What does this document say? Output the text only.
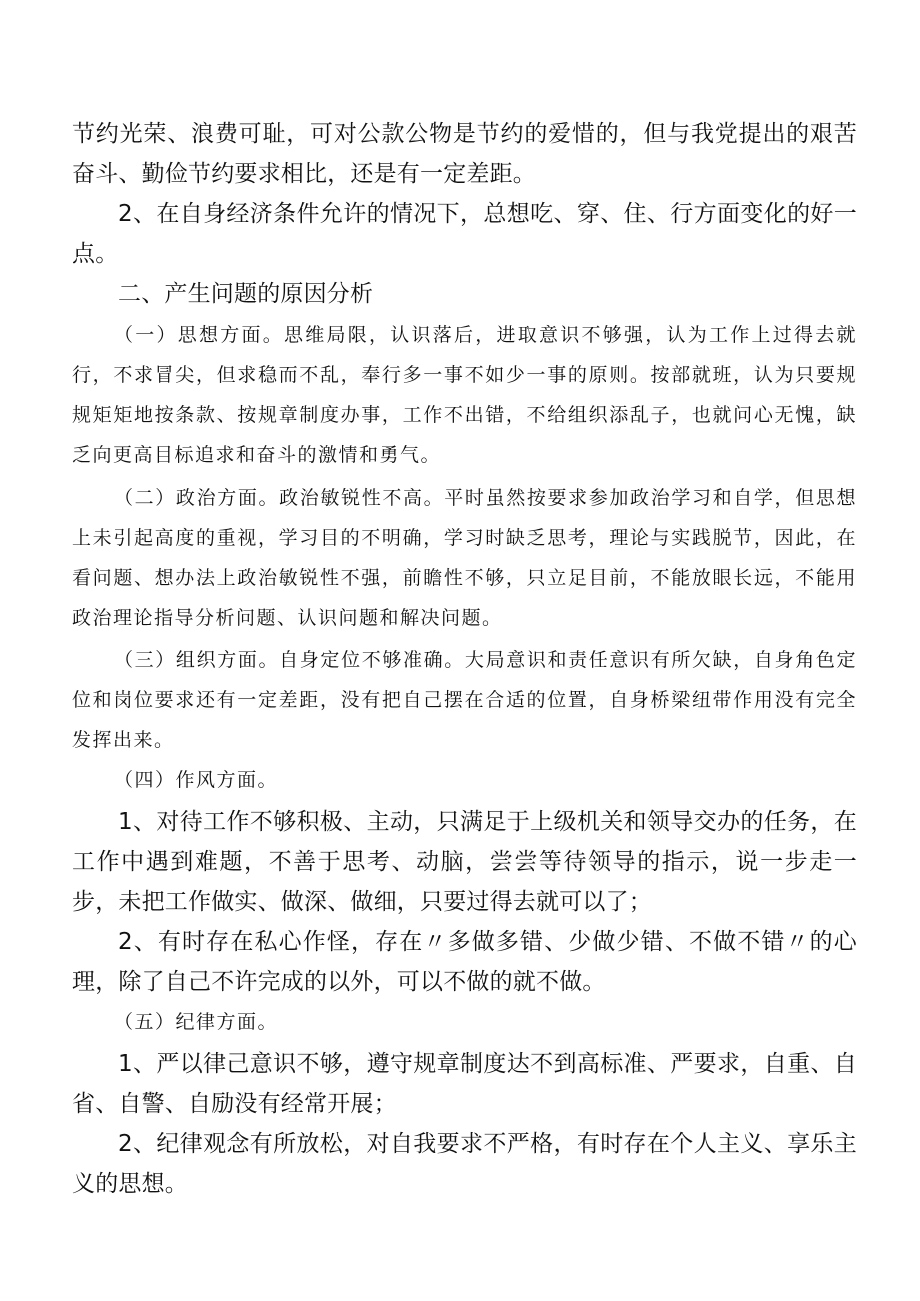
节约光荣、浪费可耻，可对公款公物是节约的爱惜的，但与我党提出的艰苦奋斗、勤俭节约要求相比，还是有一定差距。

2、在自身经济条件允许的情况下，总想吃、穿、住、行方面变化的好一点。

二、产生问题的原因分析

（一）思想方面。思维局限，认识落后，进取意识不够强，认为工作上过得去就行，不求冒尖，但求稳而不乱，奉行多一事不如少一事的原则。按部就班，认为只要规规矩矩地按条款、按规章制度办事，工作不出错，不给组织添乱子，也就问心无愧，缺乏向更高目标追求和奋斗的激情和勇气。

（二）政治方面。政治敏锐性不高。平时虽然按要求参加政治学习和自学，但思想上未引起高度的重视，学习目的不明确，学习时缺乏思考，理论与实践脱节，因此，在看问题、想办法上政治敏锐性不强，前瞻性不够，只立足目前，不能放眼长远，不能用政治理论指导分析问题、认识问题和解决问题。

（三）组织方面。自身定位不够准确。大局意识和责任意识有所欠缺，自身角色定位和岗位要求还有一定差距，没有把自己摆在合适的位置，自身桥梁纽带作用没有完全发挥出来。

（四）作风方面。

1、对待工作不够积极、主动，只满足于上级机关和领导交办的任务，在工作中遇到难题，不善于思考、动脑，尝尝等待领导的指示，说一步走一步，未把工作做实、做深、做细，只要过得去就可以了；

2、有时存在私心作怪，存在〃多做多错、少做少错、不做不错〃的心理，除了自己不许完成的以外，可以不做的就不做。

（五）纪律方面。

1、严以律己意识不够，遵守规章制度达不到高标准、严要求，自重、自省、自警、自励没有经常开展；

2、纪律观念有所放松，对自我要求不严格，有时存在个人主义、享乐主义的思想。
